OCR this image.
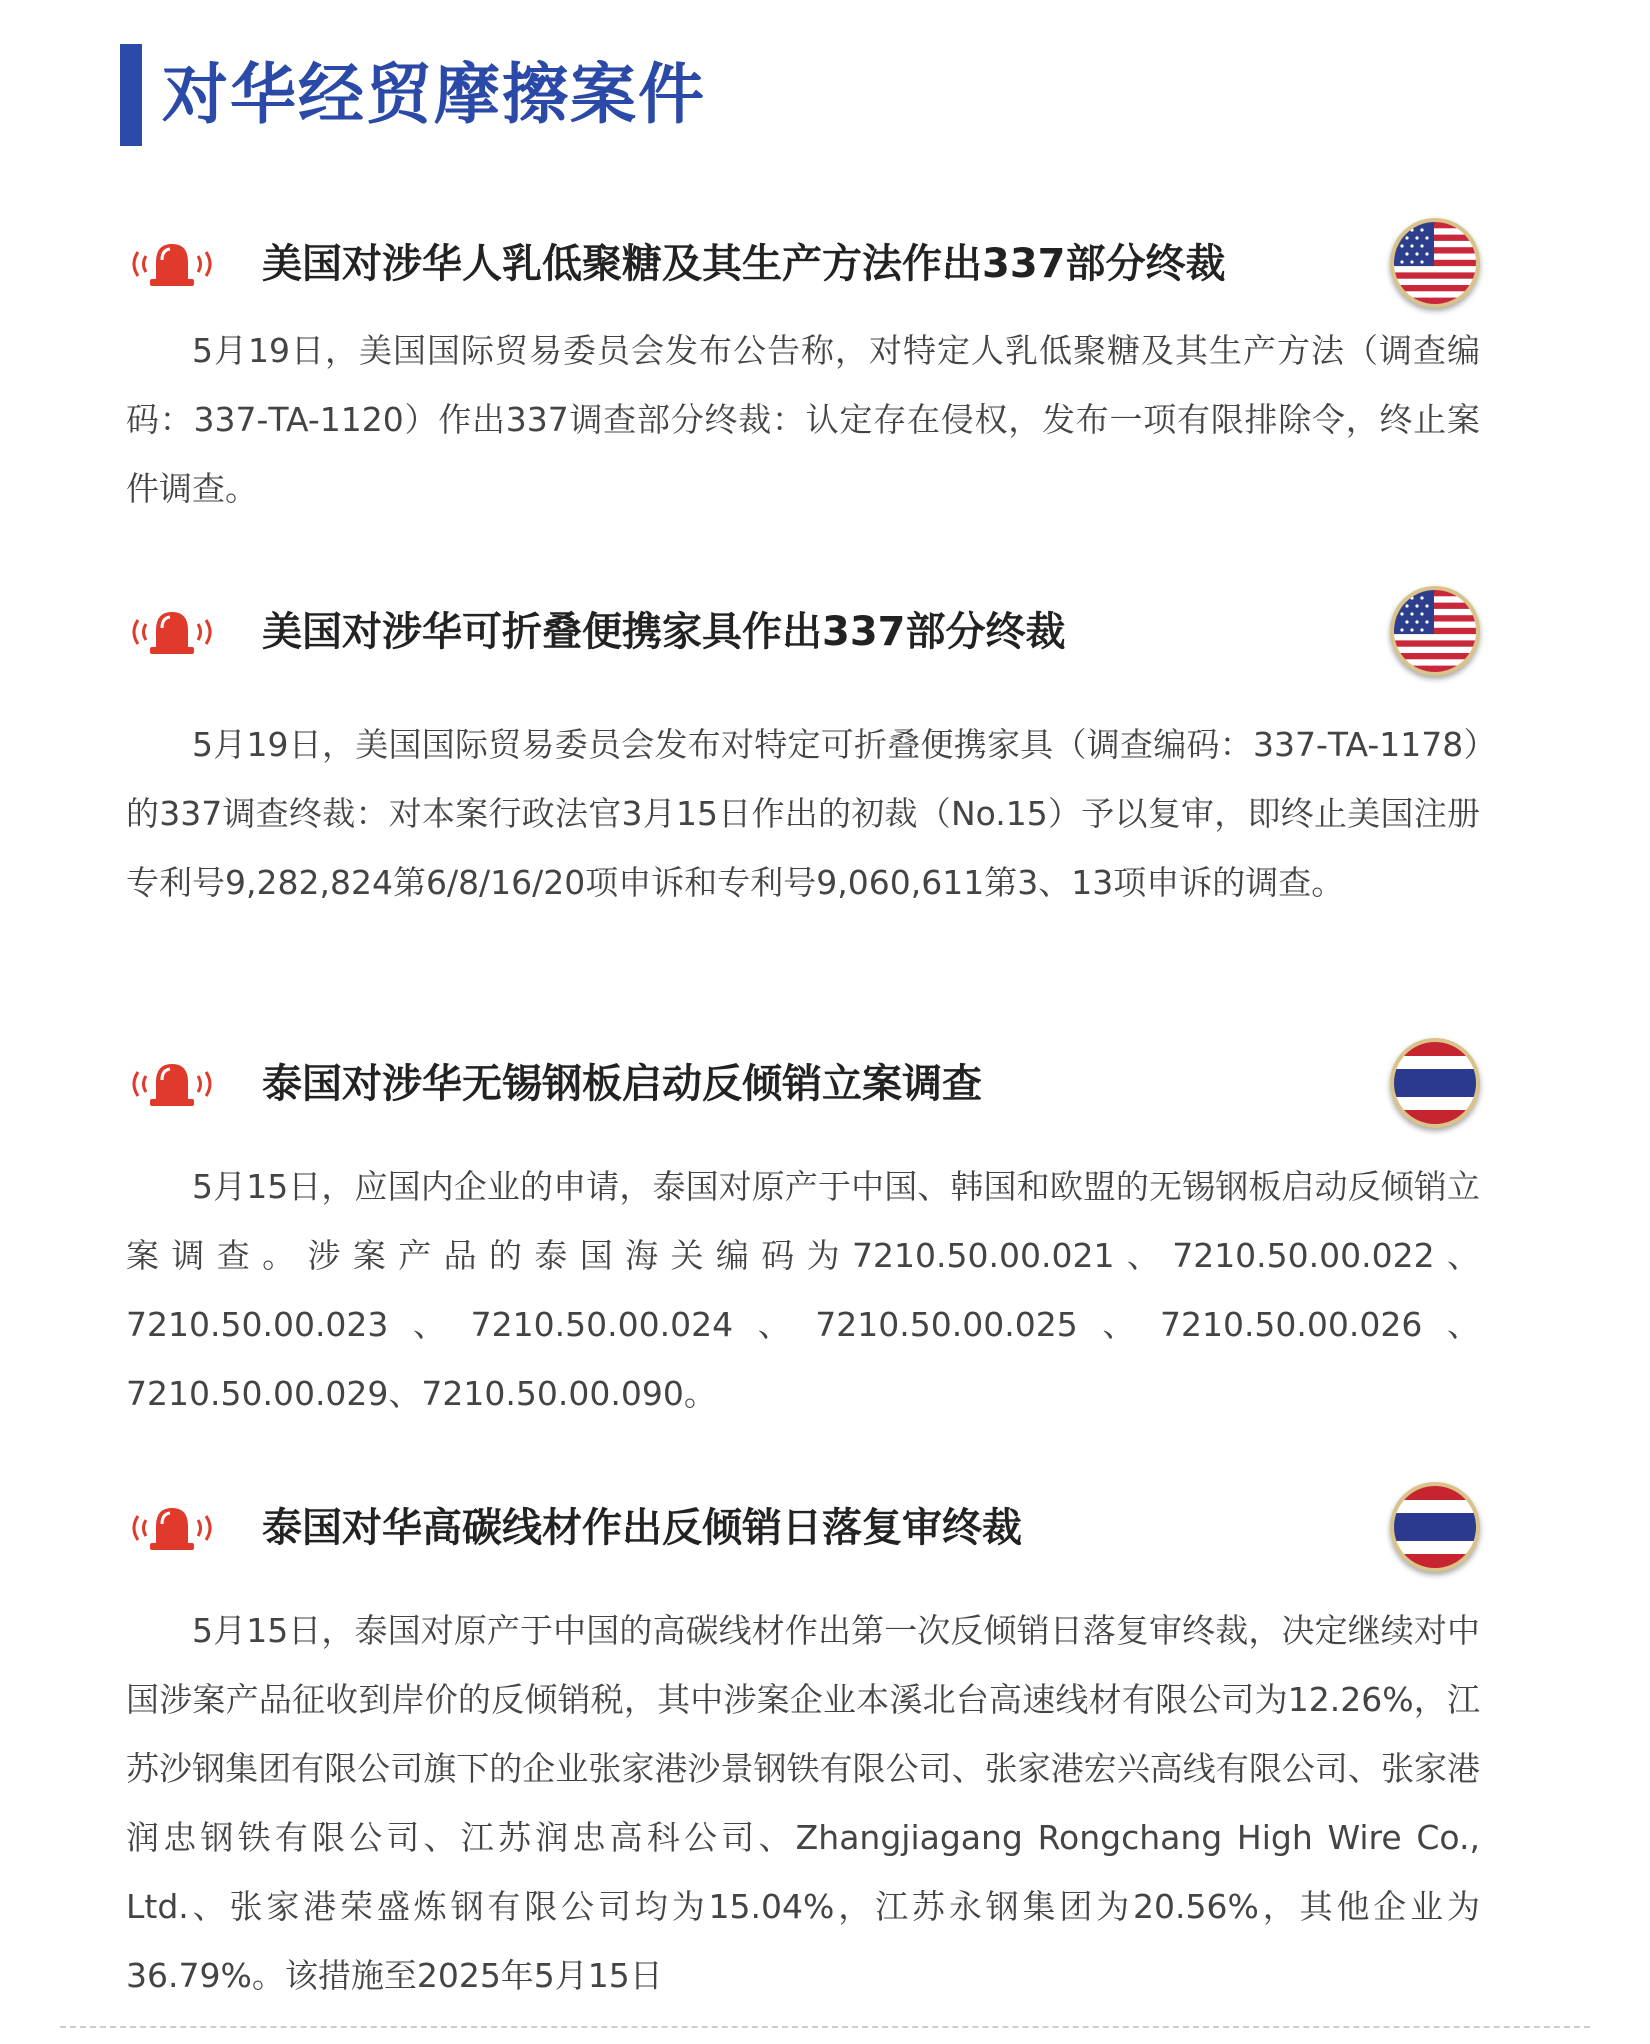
对华经贸摩擦案件
美国对涉华人乳低聚糖及其生产方法作出337部分终裁

5月19日，美国国际贸易委员会发布公告称，对特定人乳低聚糖及其生产方法（调查编码：337-TA-1120）作出337调查部分终裁：认定存在侵权，发布一项有限排除令，终止案件调查。

美国对涉华可折叠便携家具作出337部分终裁

5月19日，美国国际贸易委员会发布对特定可折叠便携家具（调查编码：337-TA-1178）的337调查终裁：对本案行政法官3月15日作出的初裁（No.15）予以复审，即终止美国注册专利号9,282,824第6/8/16/20项申诉和专利号9,060,611第3、13项申诉的调查。

泰国对涉华无锡钢板启动反倾销立案调查

5月15日，应国内企业的申请，泰国对原产于中国、韩国和欧盟的无锡钢板启动反倾销立案调查。涉案产品的泰国海关编码为7210.50.00.021、7210.50.00.022、7210.50.00.023、7210.50.00.024、7210.50.00.025、7210.50.00.026、7210.50.00.029、7210.50.00.090。

泰国对华高碳线材作出反倾销日落复审终裁

5月15日，泰国对原产于中国的高碳线材作出第一次反倾销日落复审终裁，决定继续对中国涉案产品征收到岸价的反倾销税，其中涉案企业本溪北台高速线材有限公司为12.26%，江苏沙钢集团有限公司旗下的企业张家港沙景钢铁有限公司、张家港宏兴高线有限公司、张家港润忠钢铁有限公司、江苏润忠高科公司、Zhangjiagang Rongchang High Wire Co., Ltd.、张家港荣盛炼钢有限公司均为15.04%，江苏永钢集团为20.56%，其他企业为36.79%。该措施至2025年5月15日
